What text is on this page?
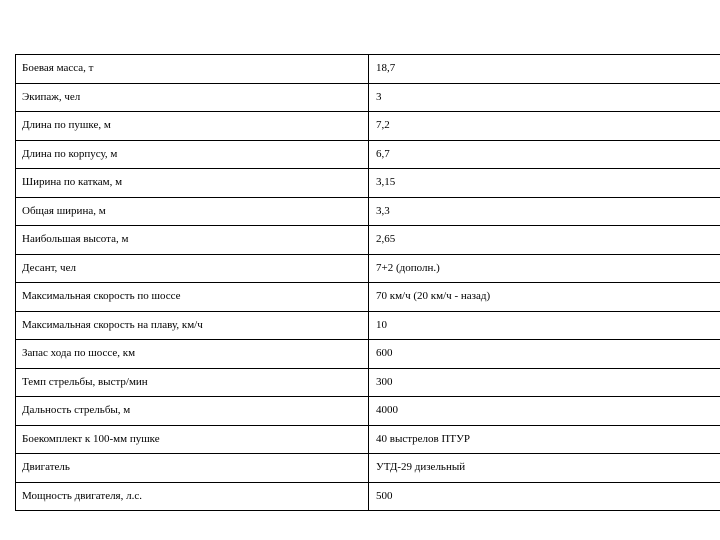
Боевая масса, т	18,7
Экипаж, чел	3
Длина по пушке, м	7,2
Длина по корпусу, м	6,7
Ширина по каткам, м	3,15
Общая ширина, м	3,3
Наибольшая высота, м	2,65
Десант, чел	7+2 (дополн.)
Максимальная скорость по шоссе	70 км/ч (20 км/ч - назад)
Максимальная скорость на плаву, км/ч	10
Запас хода по шоссе, км	600
Темп стрельбы, выстр/мин	300
Дальность стрельбы, м	4000
Боекомплект к 100-мм пушке	40 выстрелов ПТУР
Двигатель	УТД-29 дизельный
Мощность двигателя, л.с.	500
